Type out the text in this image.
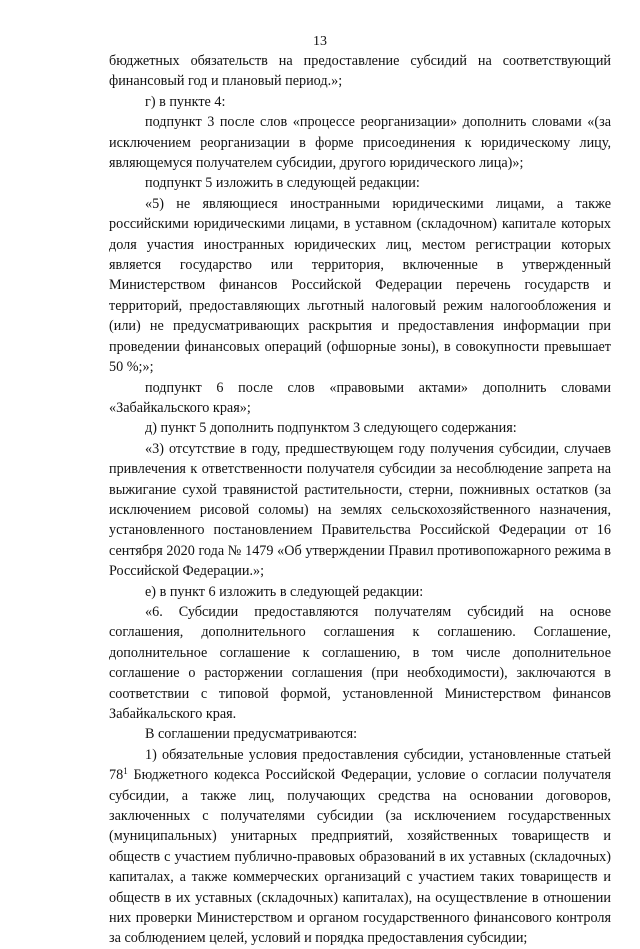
13

бюджетных обязательств на предоставление субсидий на соответствующий финансовый год и плановый период.»;

г) в пункте 4:

подпункт 3 после слов «процессе реорганизации» дополнить словами «(за исключением реорганизации в форме присоединения к юридическому лицу, являющемуся получателем субсидии, другого юридического лица)»;

подпункт 5 изложить в следующей редакции:

«5) не являющиеся иностранными юридическими лицами, а также российскими юридическими лицами, в уставном (складочном) капитале которых доля участия иностранных юридических лиц, местом регистрации которых является государство или территория, включенные в утвержденный Министерством финансов Российской Федерации перечень государств и территорий, предоставляющих льготный налоговый режим налогообложения и (или) не предусматривающих раскрытия и предоставления информации при проведении финансовых операций (офшорные зоны), в совокупности превышает 50 %;»;

подпункт 6 после слов «правовыми актами» дополнить словами «Забайкальского края»;

д) пункт 5 дополнить подпунктом 3 следующего содержания:

«3) отсутствие в году, предшествующем году получения субсидии, случаев привлечения к ответственности получателя субсидии за несоблюдение запрета на выжигание сухой травянистой растительности, стерни, пожнивных остатков (за исключением рисовой соломы) на землях сельскохозяйственного назначения, установленного постановлением Правительства Российской Федерации от 16 сентября 2020 года № 1479 «Об утверждении Правил противопожарного режима в Российской Федерации.»;

е) в пункт 6 изложить в следующей редакции:

«6. Субсидии предоставляются получателям субсидий на основе соглашения, дополнительного соглашения к соглашению. Соглашение, дополнительное соглашение к соглашению, в том числе дополнительное соглашение о расторжении соглашения (при необходимости), заключаются в соответствии с типовой формой, установленной Министерством финансов Забайкальского края.

В соглашении предусматриваются:

1) обязательные условия предоставления субсидии, установленные статьей $78^1$ Бюджетного кодекса Российской Федерации, условие о согласии получателя субсидии, а также лиц, получающих средства на основании договоров, заключенных с получателями субсидии (за исключением государственных (муниципальных) унитарных предприятий, хозяйственных товариществ и обществ с участием публично-правовых образований в их уставных (складочных) капиталах, а также коммерческих организаций с участием таких товариществ и обществ в их уставных (складочных) капиталах), на осуществление в отношении них проверки Министерством и органом государственного финансового контроля за соблюдением целей, условий и порядка предоставления субсидии;
